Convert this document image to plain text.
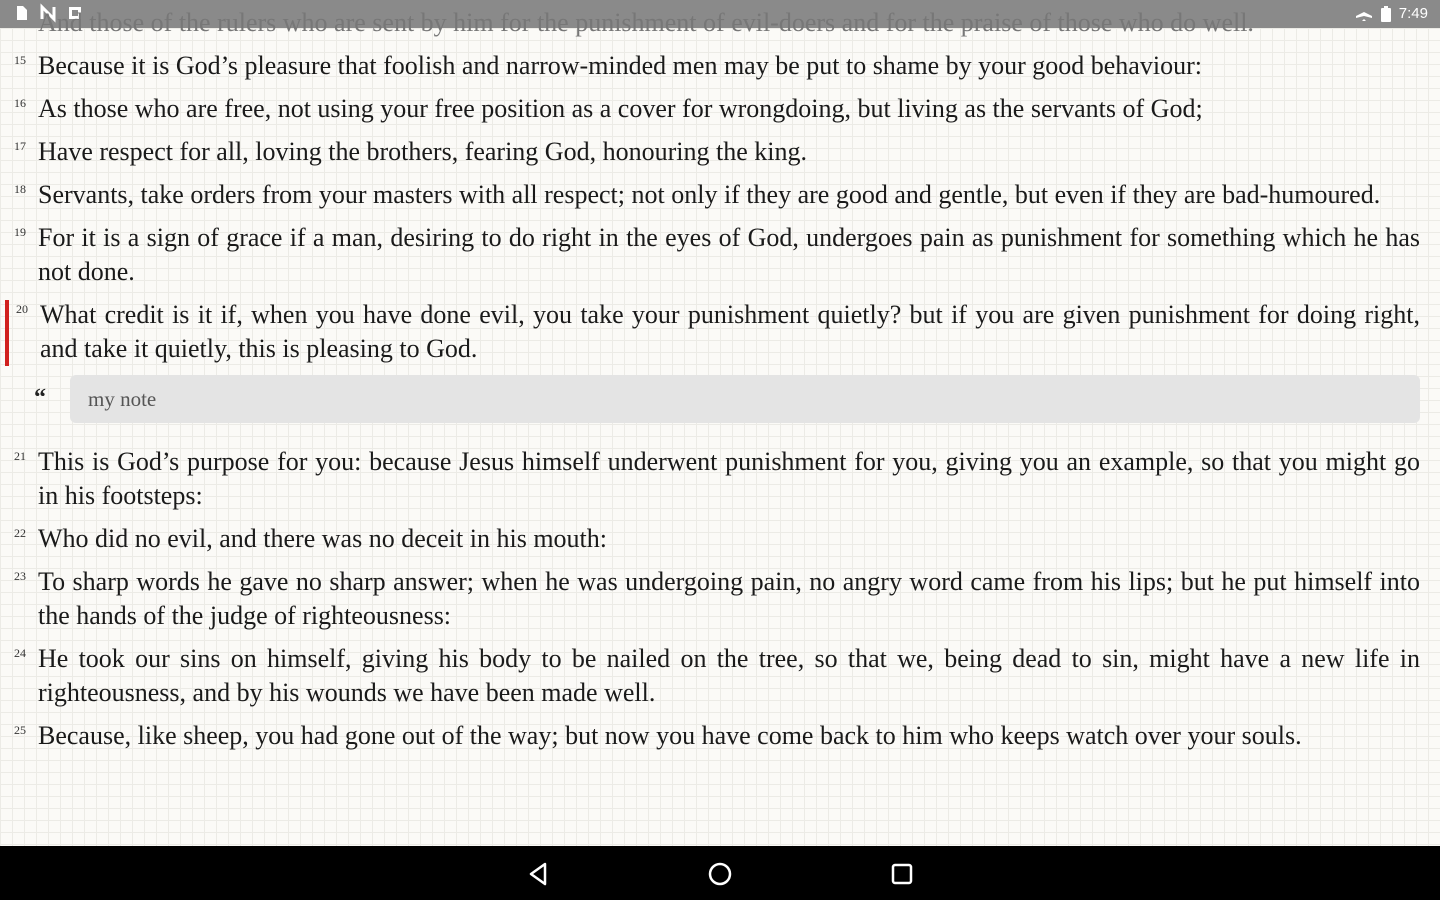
7:49
And those of the rulers who are sent by him for the punishment of evil-doers and for the praise of those who do well.
15 Because it is God’s pleasure that foolish and narrow-minded men may be put to shame by your good behaviour:
16 As those who are free, not using your free position as a cover for wrongdoing, but living as the servants of God;
17 Have respect for all, loving the brothers, fearing God, honouring the king.
18 Servants, take orders from your masters with all respect; not only if they are good and gentle, but even if they are bad-humoured.
19 For it is a sign of grace if a man, desiring to do right in the eyes of God, undergoes pain as punishment for something which he has not done.
20 What credit is it if, when you have done evil, you take your punishment quietly? but if you are given punishment for doing right, and take it quietly, this is pleasing to God.
“	my note
21 This is God’s purpose for you: because Jesus himself underwent punishment for you, giving you an example, so that you might go in his footsteps:
22 Who did no evil, and there was no deceit in his mouth:
23 To sharp words he gave no sharp answer; when he was undergoing pain, no angry word came from his lips; but he put himself into the hands of the judge of righteousness:
24 He took our sins on himself, giving his body to be nailed on the tree, so that we, being dead to sin, might have a new life in righteousness, and by his wounds we have been made well.
25 Because, like sheep, you had gone out of the way; but now you have come back to him who keeps watch over your souls.
